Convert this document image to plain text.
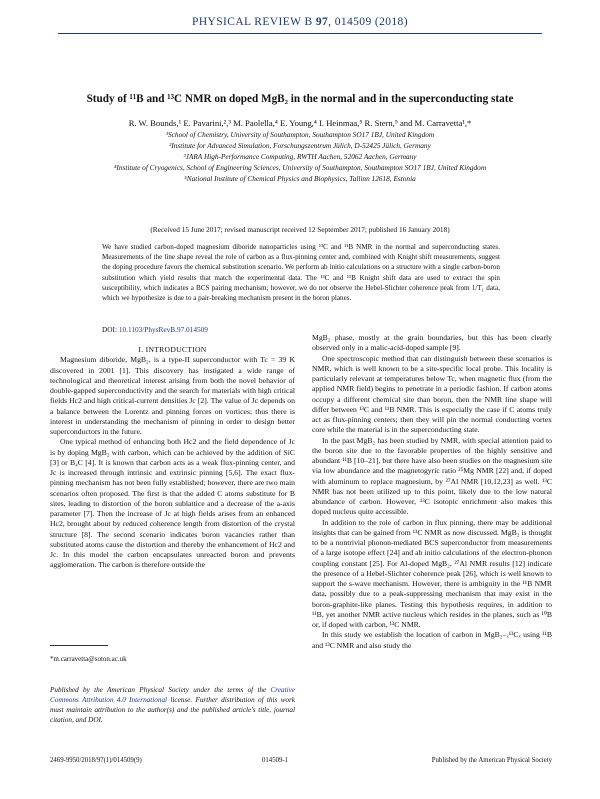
PHYSICAL REVIEW B 97, 014509 (2018)
Study of ¹¹B and ¹³C NMR on doped MgB₂ in the normal and in the superconducting state
R. W. Bounds,¹ E. Pavarini,²,³ M. Paolella,⁴ E. Young,⁴ I. Heinmaa,⁵ R. Stern,⁵ and M. Carravetta¹,*
¹School of Chemistry, University of Southampton, Southampton SO17 1BJ, United Kingdom
²Institute for Advanced Simulation, Forschungszentrum Jülich, D-52425 Jülich, Germany
³JARA High-Performance Computing, RWTH Aachen, 52062 Aachen, Germany
⁴Institute of Cryogenics, School of Engineering Sciences, University of Southampton, Southampton SO17 1BJ, United Kingdom
⁵National Institute of Chemical Physics and Biophysics, Tallinn 12618, Estonia
(Received 15 June 2017; revised manuscript received 12 September 2017; published 16 January 2018)
We have studied carbon-doped magnesium diboride nanoparticles using ¹³C and ¹¹B NMR in the normal and superconducting states. Measurements of the line shape reveal the role of carbon as a flux-pinning center and, combined with Knight shift measurements, suggest the doping procedure favors the chemical substitution scenario. We perform ab initio calculations on a structure with a single carbon-boron substitution which yield results that match the experimental data. The ¹³C and ¹¹B Knight shift data are used to extract the spin susceptibility, which indicates a BCS pairing mechanism; however, we do not observe the Hebel-Slichter coherence peak from 1/T₁ data, which we hypothesize is due to a pair-breaking mechanism present in the boron planes.
DOI: 10.1103/PhysRevB.97.014509

I. INTRODUCTION

Magnesium diboride, MgB₂, is a type-II superconductor with Tc = 39 K discovered in 2001 [1]. This discovery has instigated a wide range of technological and theoretical interest arising from both the novel behavior of double-gapped superconductivity and the search for materials with high critical fields Hc2 and high critical-current densities Jc [2]. The value of Jc depends on a balance between the Lorentz and pinning forces on vortices; thus there is interest in understanding the mechanism of pinning in order to design better superconductors in the future.

One typical method of enhancing both Hc2 and the field dependence of Jc is by doping MgB₂ with carbon, which can be achieved by the addition of SiC [3] or B₄C [4]. It is known that carbon acts as a weak flux-pinning center, and Jc is increased through intrinsic and extrinsic pinning [5,6]. The exact flux-pinning mechanism has not been fully established; however, there are two main scenarios often proposed. The first is that the added C atoms substitute for B sites, leading to distortion of the boron sublattice and a decrease of the a-axis parameter [7]. Then the increase of Jc at high fields arises from an enhanced Hc2, brought about by reduced coherence length from distortion of the crystal structure [8]. The second scenario indicates boron vacancies rather than substituted atoms cause the distortion and thereby the enhancement of Hc2 and Jc. In this model the carbon encapsulates unreacted boron and prevents agglomeration. The carbon is therefore outside the

MgB₂ phase, mostly at the grain boundaries, but this has been clearly observed only in a malic-acid-doped sample [9].

One spectroscopic method that can distinguish between these scenarios is NMR, which is well known to be a site-specific local probe. This locality is particularly relevant at temperatures below Tc, when magnetic flux (from the applied NMR field) begins to penetrate in a periodic fashion. If carbon atoms occupy a different chemical site than boron, then the NMR line shape will differ between ¹³C and ¹¹B NMR. This is especially the case if C atoms truly act as flux-pinning centers; then they will pin the normal conducting vortex core while the material is in the superconducting state.

In the past MgB₂ has been studied by NMR, with special attention paid to the boron site due to the favorable properties of the highly sensitive and abundant ¹¹B [10–21], but there have also been studies on the magnesium site via low abundance and the magnetogyric ratio ²⁵Mg NMR [22] and, if doped with aluminum to replace magnesium, by ²⁷Al NMR [10,12,23] as well. ¹³C NMR has not been utilized up to this point, likely due to the low natural abundance of carbon. However, ¹³C isotopic enrichment also makes this doped nucleus quite accessible.

In addition to the role of carbon in flux pinning, there may be additional insights that can be gained from ¹³C NMR as now discussed. MgB₂ is thought to be a nontrivial phonon-mediated BCS superconductor from measurements of a large isotope effect [24] and ab initio calculations of the electron-phonon coupling constant [25]. For Al-doped MgB₂, ²⁷Al NMR results [12] indicate the presence of a Hebel-Slichter coherence peak [26], which is well known to support the s-wave mechanism. However, there is ambiguity in the ¹¹B NMR data, possibly due to a peak-suppressing mechanism that may exist in the boron-graphite-like planes. Testing this hypothesis requires, in addition to ¹¹B, yet another NMR active nucleus which resides in the planes, such as ¹⁰B or, if doped with carbon, ¹³C NMR.

In this study we establish the location of carbon in MgB₂₋ₓ¹³Cₓ using ¹¹B and ¹³C NMR and also study the

*m.carravetta@soton.ac.uk
Published by the American Physical Society under the terms of the Creative Commons Attribution 4.0 International license. Further distribution of this work must maintain attribution to the author(s) and the published article's title, journal citation, and DOI.
2469-9950/2018/97(1)/014509(9)	014509-1	Published by the American Physical Society
